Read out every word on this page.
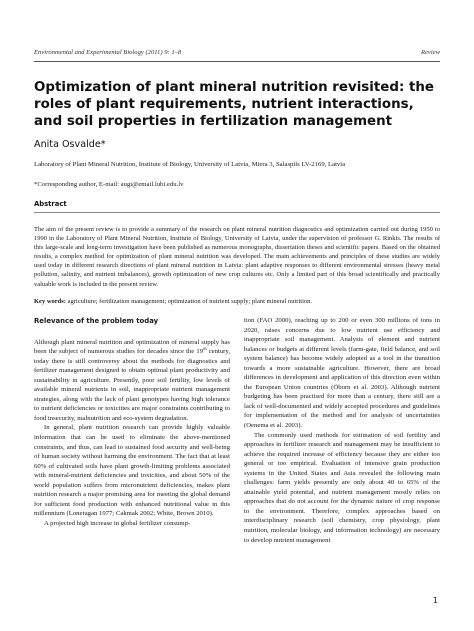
Environmental and Experimental Biology (2011) 9: 1–8	Review
Optimization of plant mineral nutrition revisited: the roles of plant requirements, nutrient interactions, and soil properties in fertilization management
Anita Osvalde*
Laboratory of Plant Mineral Nutrition, Institute of Biology, University of Latvia, Miera 3, Salaspils LV-2169, Latvia
*Corresponding author, E-mail: augi@email.lubi.edu.lv
Abstract

The aim of the present review is to provide a summary of the research on plant mineral nutrition diagnostics and optimization carried out during 1950 to 1990 in the Laboratory of Plant Mineral Nutrition, Institute of Biology, University of Latvia, under the supervision of professor G. Rinkis. The results of this large-scale and long-term investigation have been published as numerous monographs, dissertation theses and scientific papers. Based on the obtained results, a complex method for optimization of plant mineral nutrition was developed. The main achievements and principles of these studies are widely used today in different research directions of plant mineral nutrition in Latvia: plant adaptive responses to different environmental stresses (heavy metal pollution, salinity, and nutrient imbalances), growth optimization of new crop cultures etc. Only a limited part of this broad scientifically and practically valuable work is included in the present review.

Key words: agriculture; fertilization management; optimization of nutrient supply; plant mineral nutrition.
Relevance of the problem today

Although plant mineral nutrition and optimization of mineral supply has been the subject of numerous studies for decades since the 19th century, today there is still controversy about the methods for diagnostics and fertilizer management designed to obtain optimal plant productivity and sustainability in agriculture. Presently, poor soil fertility, low levels of available mineral nutrients in soil, inappropriate nutrient management strategies, along with the lack of plant genotypes having high tolerance to nutrient deficiencies or toxicities are major constraints contributing to food insecurity, malnutrition and eco-system degradation.

In general, plant nutrition research can provide highly valuable information that can be used to eliminate the above-mentioned constraints, and thus, can lead to sustained food security and well-being of human society without harming the environment. The fact that at least 60% of cultivated soils have plant growth-limiting problems associated with mineral-nutrient deficiencies and toxicities, and about 50% of the world population suffers from micronutrient deficiencies, makes plant nutrition research a major promising area for meeting the global demand for sufficient food production with enhanced nutritional value in this millennium (Loneragan 1977; Cakmak 2002; White, Brown 2010).

A projected high increase in global fertilizer consump-

tion (FAO 2000), reaching up to 200 or even 300 millions of tons in 2020, raises concerns due to low nutrient use efficiency and inappropriate soil management. Analysis of element and nutrient balances or budgets at different levels (farm-gate, field balance, and soil system balance) has become widely adopted as a tool in the transition towards a more sustainable agriculture. However, there are broad differences in development and application of this direction even within the European Union countries (Öborn et al. 2003). Although nutrient budgeting has been practised for more than a century, there still are a lack of well-documented and widely accepted procedures and guidelines for implementation of the method and for analysis of uncertainties (Oenema et al. 2003).

The commonly used methods for estimation of soil fertility and approaches in fertilizer research and management may be insufficient to achieve the required increase of efficiency because they are either too general or too empirical. Evaluation of intensive grain production systems in the United States and Asia revealed the following main challenges: farm yields presently are only about 40 to 65% of the attainable yield potential, and nutrient management mostly relies on approaches that do not account for the dynamic nature of crop response to the environment. Therefore, complex approaches based on interdisciplinary research (soil chemistry, crop physiology, plant nutrition, molecular biology, and information technology) are necessary to develop nutrient management

1
